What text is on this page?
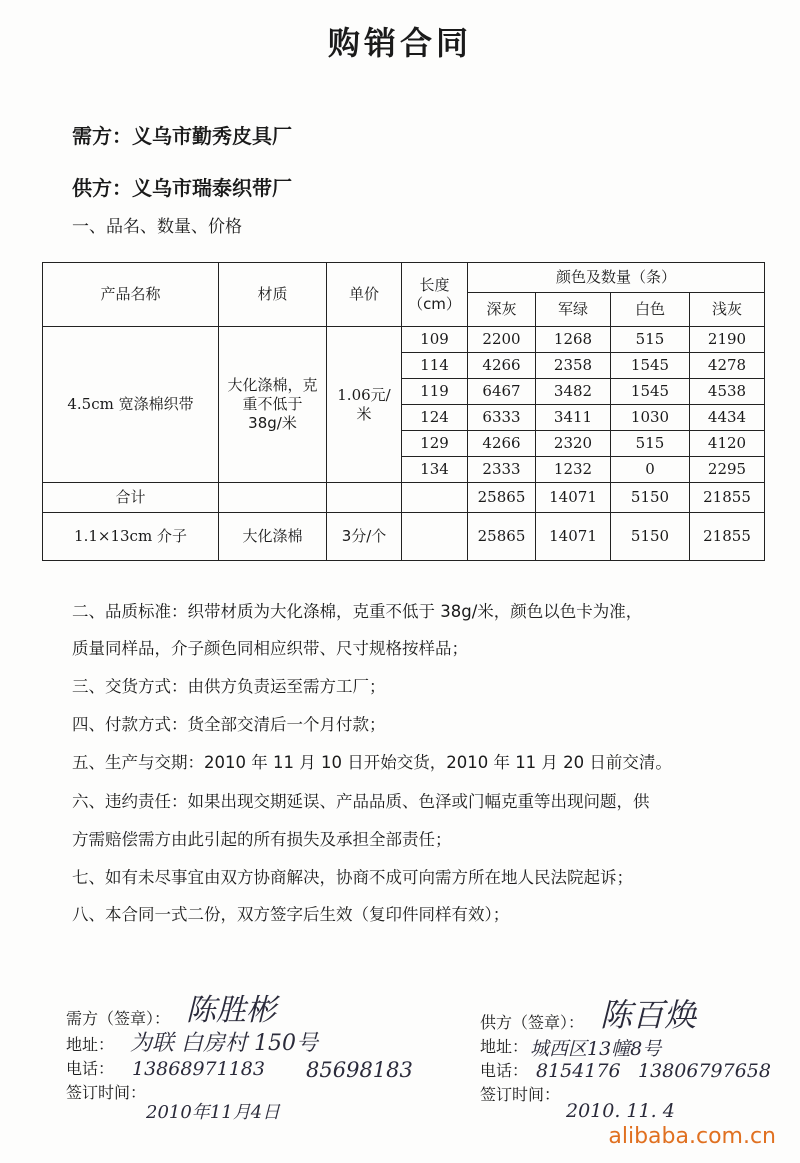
购销合同
需方：义乌市勤秀皮具厂
供方：义乌市瑞泰织带厂
一、品名、数量、价格
产品名称	材质	单价	长度（cm）	颜色及数量（条）			
				深灰	军绿	白色	浅灰
4.5cm 宽涤棉织带	大化涤棉，克重不低于38g/米	1.06元/米	109	2200	1268	515	2190
			114	4266	2358	1545	4278
			119	6467	3482	1545	4538
			124	6333	3411	1030	4434
			129	4266	2320	515	4120
			134	2333	1232	0	2295
合计				25865	14071	5150	21855
1.1×13cm 介子	大化涤棉	3分/个		25865	14071	5150	21855
二、品质标准：织带材质为大化涤棉，克重不低于 38g/米，颜色以色卡为准，
质量同样品，介子颜色同相应织带、尺寸规格按样品；
三、交货方式：由供方负责运至需方工厂；
四、付款方式：货全部交清后一个月付款；
五、生产与交期：2010 年 11 月 10 日开始交货，2010 年 11 月 20 日前交清。
六、违约责任：如果出现交期延误、产品品质、色泽或门幅克重等出现问题，供
方需赔偿需方由此引起的所有损失及承担全部责任；
七、如有未尽事宜由双方协商解决，协商不成可向需方所在地人民法院起诉；
八、本合同一式二份，双方签字后生效（复印件同样有效）；
需方（签章）： 陈胜彬
地址： 为联 白房村 150号
电话： 13868971183 85698183
签订时间：
2010年11月4日
供方（签章）： 陈百焕
地址： 城西区13幢8号
电话： 8154176 13806797658
签订时间：
2010. 11. 4
alibaba.com.cn
